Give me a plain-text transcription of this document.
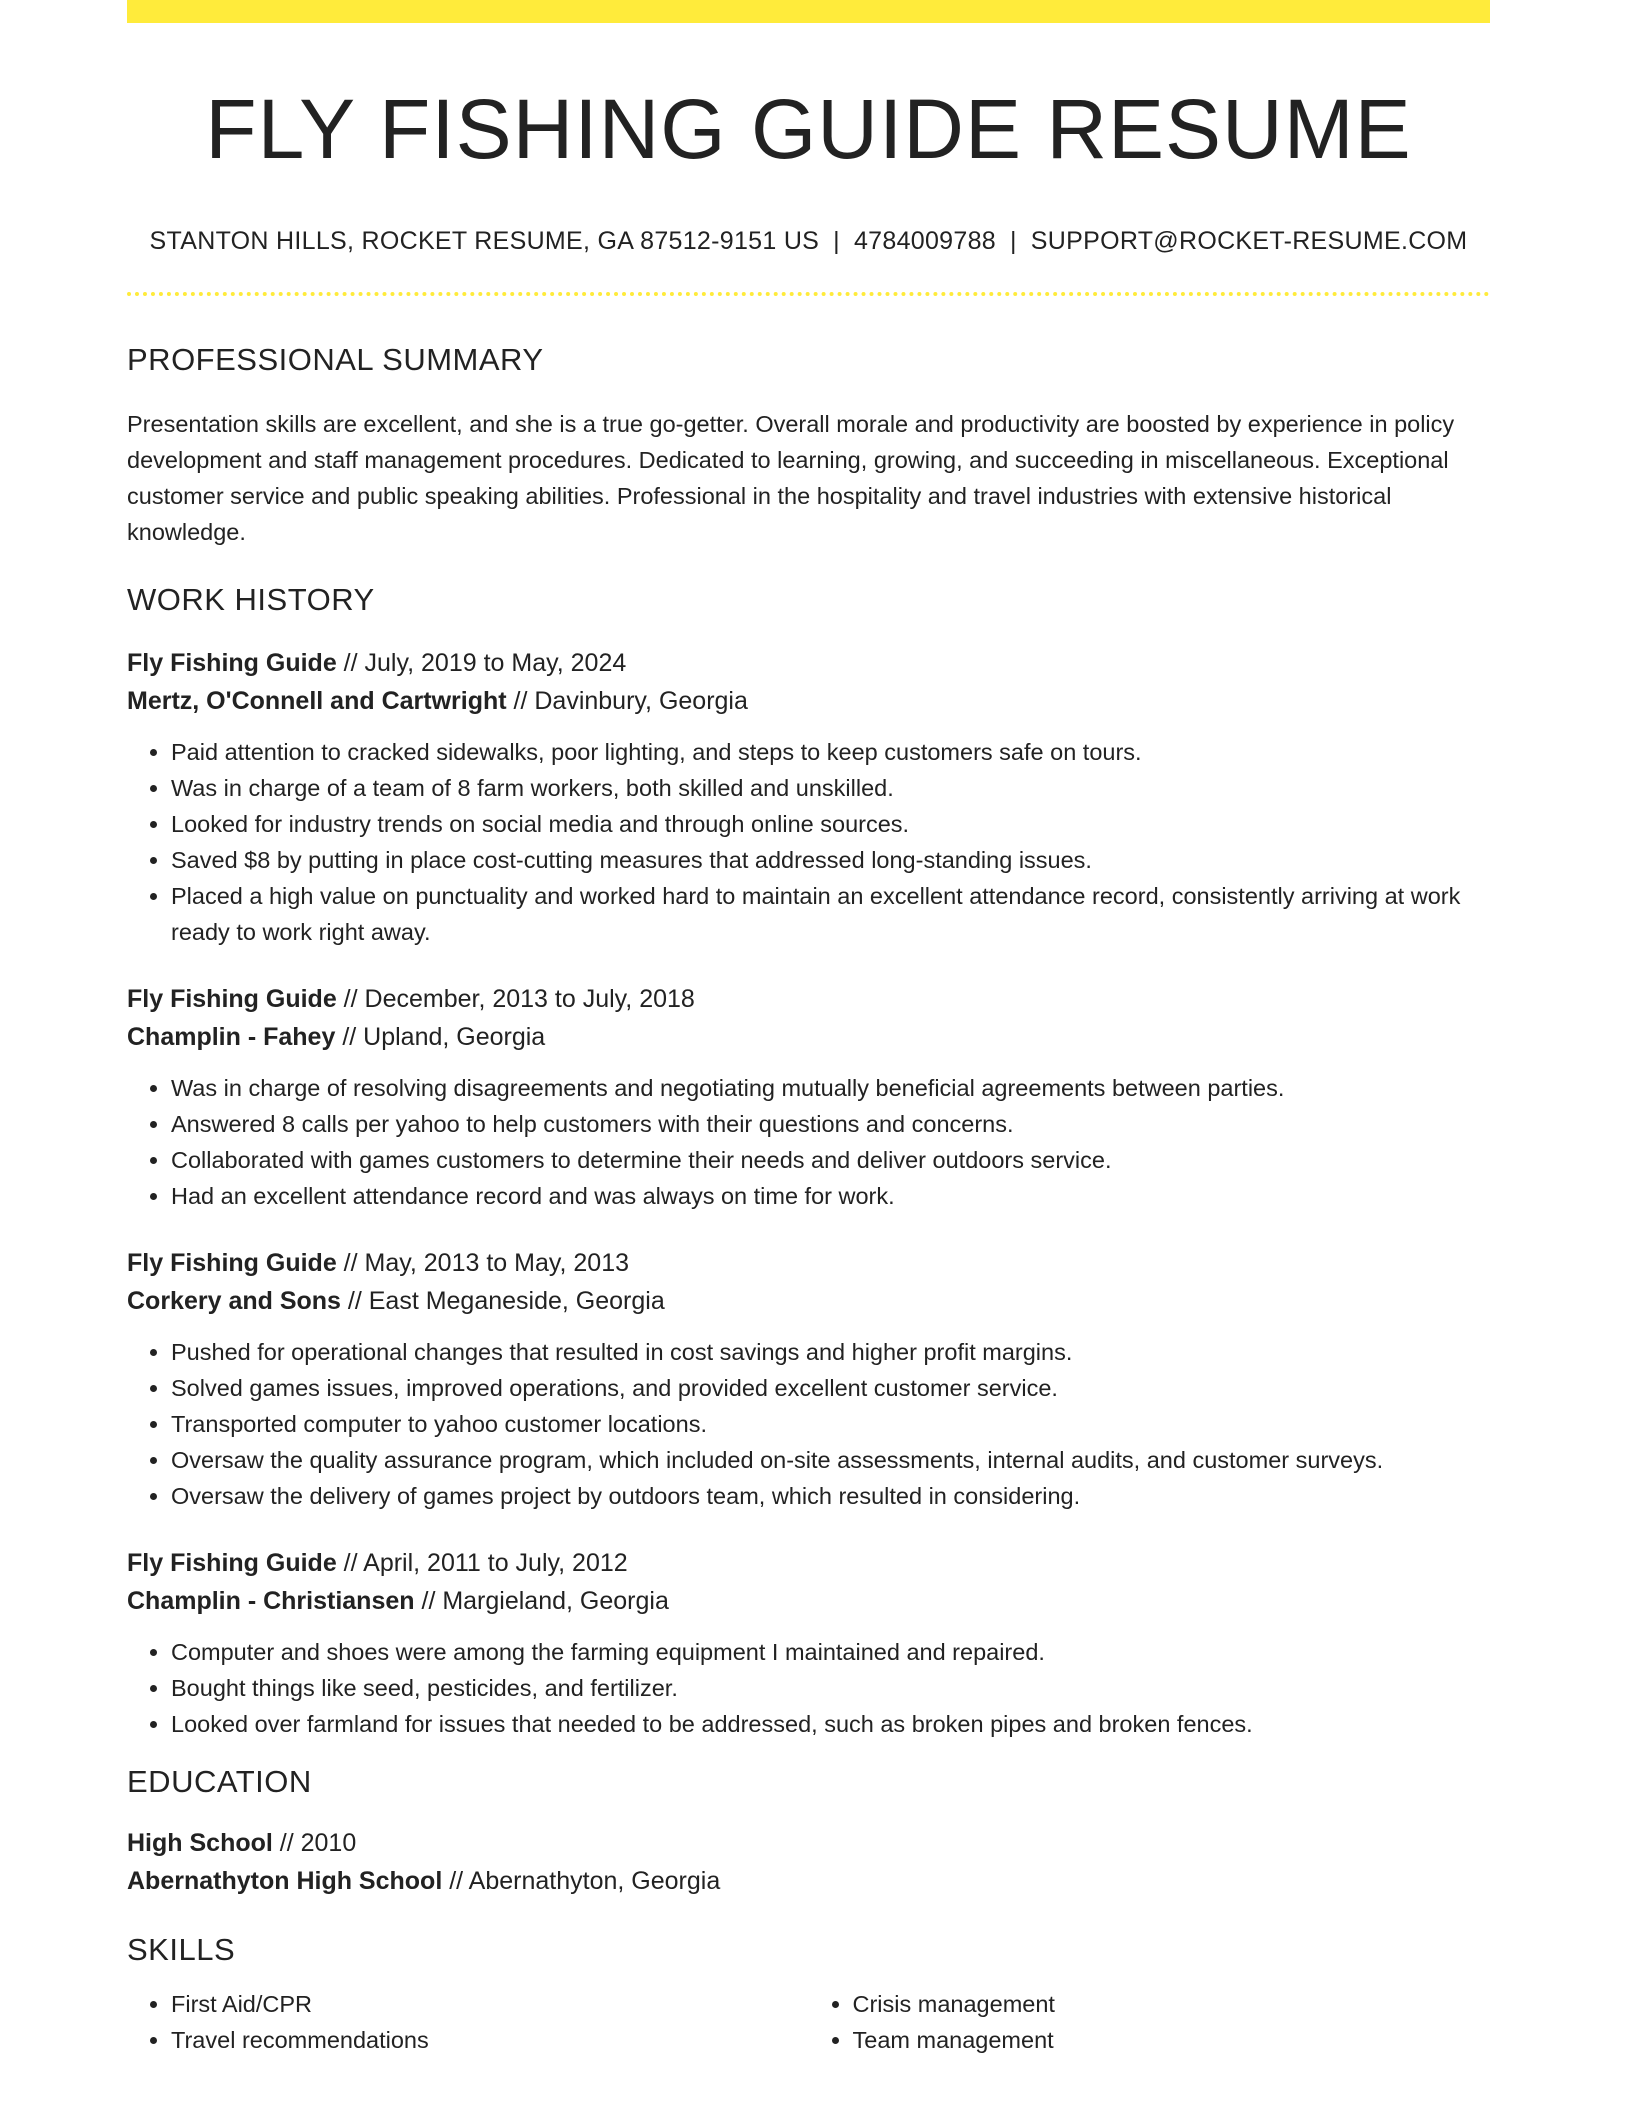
FLY FISHING GUIDE RESUME
STANTON HILLS, ROCKET RESUME, GA 87512-9151 US | 4784009788 | SUPPORT@ROCKET-RESUME.COM
PROFESSIONAL SUMMARY

Presentation skills are excellent, and she is a true go-getter. Overall morale and productivity are boosted by experience in policy development and staff management procedures. Dedicated to learning, growing, and succeeding in miscellaneous. Exceptional customer service and public speaking abilities. Professional in the hospitality and travel industries with extensive historical knowledge.

WORK HISTORY
Fly Fishing Guide // July, 2019 to May, 2024
Mertz, O'Connell and Cartwright // Davinbury, Georgia
• Paid attention to cracked sidewalks, poor lighting, and steps to keep customers safe on tours.
• Was in charge of a team of 8 farm workers, both skilled and unskilled.
• Looked for industry trends on social media and through online sources.
• Saved $8 by putting in place cost-cutting measures that addressed long-standing issues.
• Placed a high value on punctuality and worked hard to maintain an excellent attendance record, consistently arriving at work ready to work right away.
Fly Fishing Guide // December, 2013 to July, 2018
Champlin - Fahey // Upland, Georgia
• Was in charge of resolving disagreements and negotiating mutually beneficial agreements between parties.
• Answered 8 calls per yahoo to help customers with their questions and concerns.
• Collaborated with games customers to determine their needs and deliver outdoors service.
• Had an excellent attendance record and was always on time for work.
Fly Fishing Guide // May, 2013 to May, 2013
Corkery and Sons // East Meganeside, Georgia
• Pushed for operational changes that resulted in cost savings and higher profit margins.
• Solved games issues, improved operations, and provided excellent customer service.
• Transported computer to yahoo customer locations.
• Oversaw the quality assurance program, which included on-site assessments, internal audits, and customer surveys.
• Oversaw the delivery of games project by outdoors team, which resulted in considering.
Fly Fishing Guide // April, 2011 to July, 2012
Champlin - Christiansen // Margieland, Georgia
• Computer and shoes were among the farming equipment I maintained and repaired.
• Bought things like seed, pesticides, and fertilizer.
• Looked over farmland for issues that needed to be addressed, such as broken pipes and broken fences.
EDUCATION
High School // 2010
Abernathyton High School // Abernathyton, Georgia
SKILLS
• First Aid/CPR
• Travel recommendations
• Crisis management
• Team management
